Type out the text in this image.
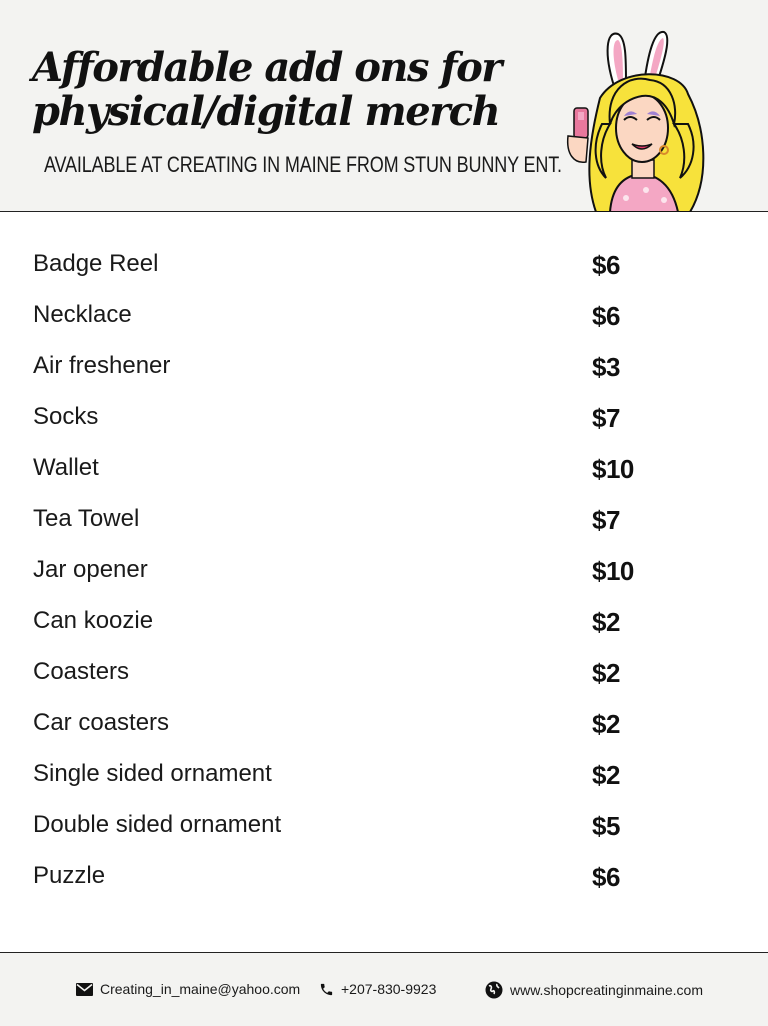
Affordable add ons for
physical/digital merch
AVAILABLE AT CREATING IN MAINE FROM STUN BUNNY ENT.
Badge Reel	$6
Necklace	$6
Air freshener	$3
Socks	$7
Wallet	$10
Tea Towel	$7
Jar opener	$10
Can koozie	$2
Coasters	$2
Car coasters	$2
Single sided ornament	$2
Double sided ornament	$5
Puzzle	$6
Creating_in_maine@yahoo.com	+207-830-9923	www.shopcreatinginmaine.com
